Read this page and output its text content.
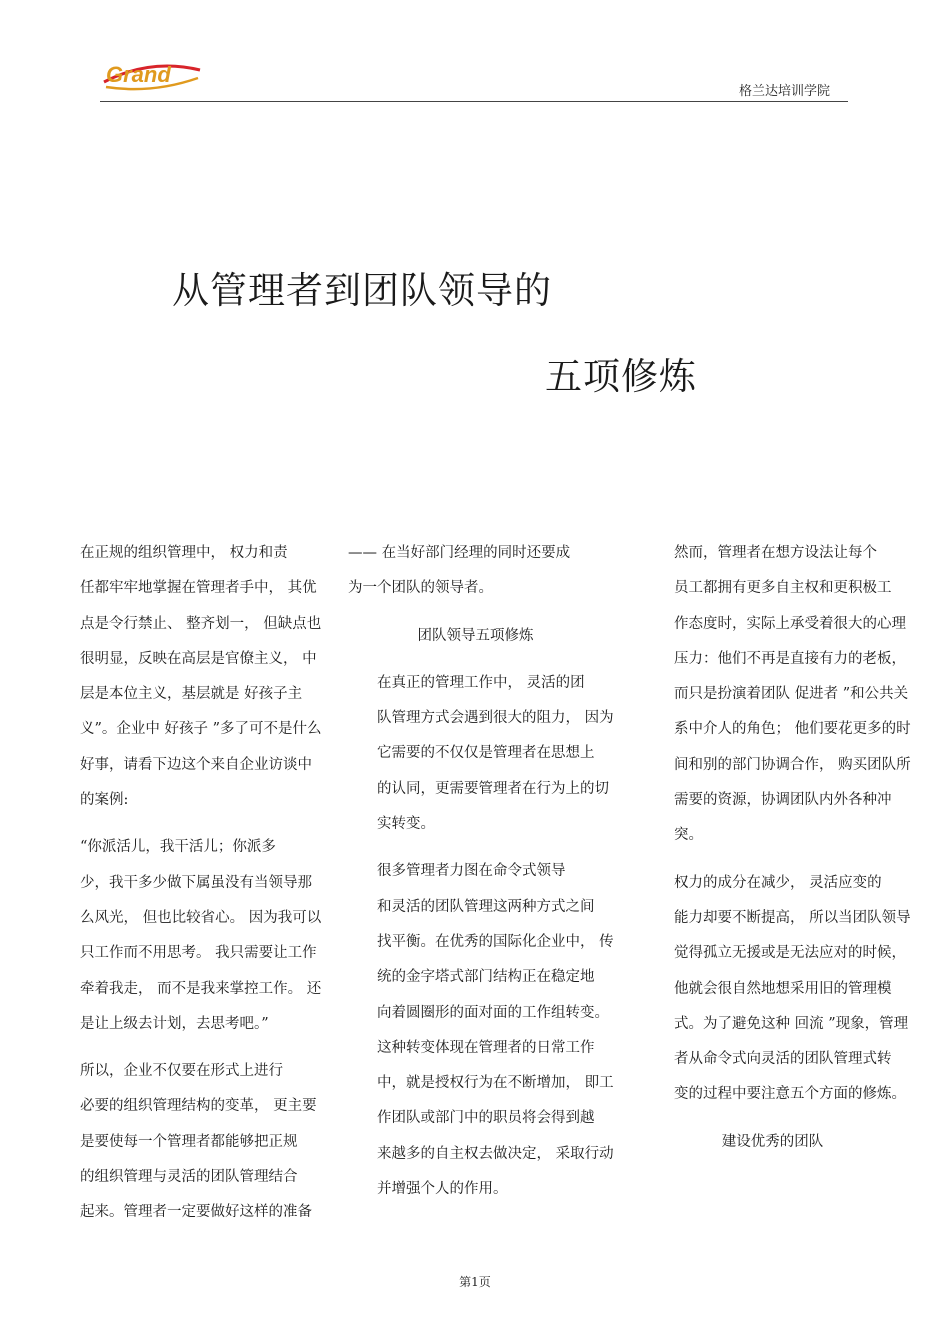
Grand
格兰达培训学院
从管理者到团队领导的
五项修炼

在正规的组织管理中， 权力和责
任都牢牢地掌握在管理者手中， 其优
点是令行禁止、 整齐划一， 但缺点也
很明显，反映在高层是官僚主义， 中
层是本位主义，基层就是 好孩子主
义”。企业中 好孩子 ”多了可不是什么
好事，请看下边这个来自企业访谈中
的案例:

“你派活儿，我干活儿；你派多
少，我干多少做下属虽没有当领导那
么风光， 但也比较省心。 因为我可以
只工作而不用思考。 我只需要让工作
牵着我走， 而不是我来掌控工作。 还
是让上级去计划，去思考吧。”

所以，企业不仅要在形式上进行
必要的组织管理结构的变革， 更主要
是要使每一个管理者都能够把正规
的组织管理与灵活的团队管理结合
起来。管理者一定要做好这样的准备

—— 在当好部门经理的同时还要成
为一个团队的领导者。

团队领导五项修炼

在真正的管理工作中， 灵活的团
队管理方式会遇到很大的阻力， 因为
它需要的不仅仅是管理者在思想上
的认同，更需要管理者在行为上的切
实转变。

很多管理者力图在命令式领导
和灵活的团队管理这两种方式之间
找平衡。在优秀的国际化企业中， 传
统的金字塔式部门结构正在稳定地
向着圆圈形的面对面的工作组转变。
这种转变体现在管理者的日常工作
中，就是授权行为在不断增加， 即工
作团队或部门中的职员将会得到越
来越多的自主权去做决定， 采取行动
并增强个人的作用。

然而，管理者在想方设法让每个
员工都拥有更多自主权和更积极工
作态度时，实际上承受着很大的心理
压力：他们不再是直接有力的老板，
而只是扮演着团队 促进者 ”和公共关
系中介人的角色； 他们要花更多的时
间和别的部门协调合作， 购买团队所
需要的资源，协调团队内外各种冲
突。

权力的成分在减少， 灵活应变的
能力却要不断提高， 所以当团队领导
觉得孤立无援或是无法应对的时候，
他就会很自然地想采用旧的管理模
式。为了避免这种 回流 ”现象，管理
者从命令式向灵活的团队管理式转
变的过程中要注意五个方面的修炼。

建设优秀的团队

第1页
